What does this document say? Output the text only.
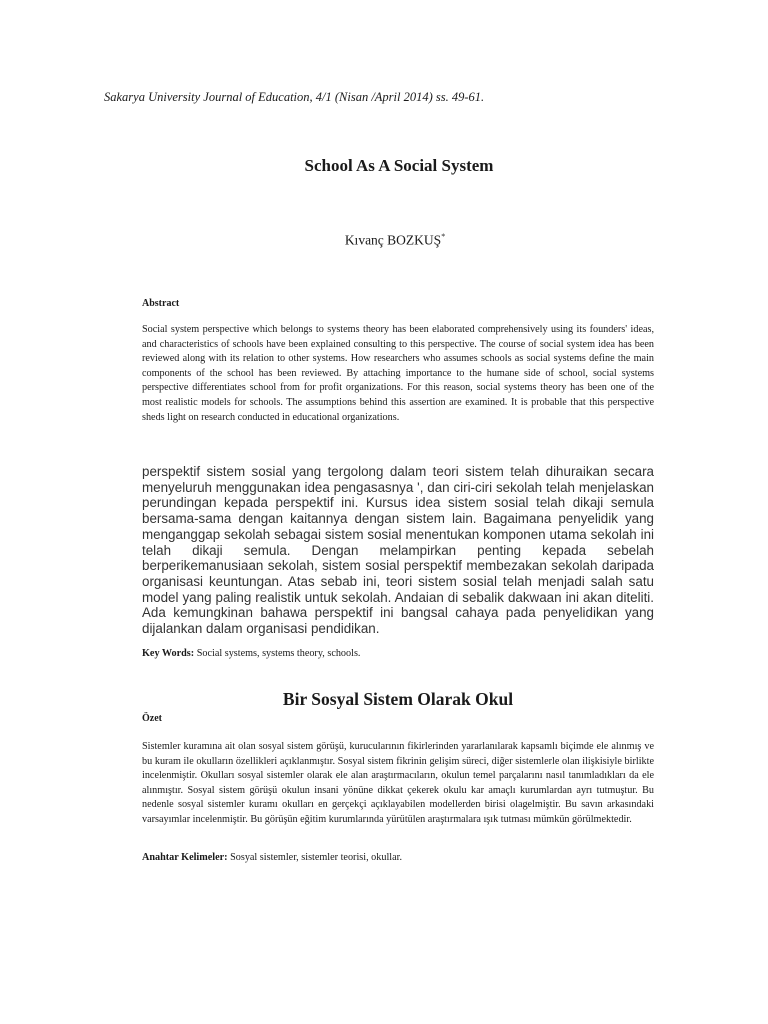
Sakarya University Journal of Education, 4/1 (Nisan /April 2014) ss. 49-61.
School As A Social System
Kıvanç BOZKUŞ*
Abstract
Social system perspective which belongs to systems theory has been elaborated comprehensively using its founders' ideas, and characteristics of schools have been explained consulting to this perspective. The course of social system idea has been reviewed along with its relation to other systems. How researchers who assumes schools as social systems define the main components of the school has been reviewed. By attaching importance to the humane side of school, social systems perspective differentiates school from for profit organizations. For this reason, social systems theory has been one of the most realistic models for schools. The assumptions behind this assertion are examined. It is probable that this perspective sheds light on research conducted in educational organizations.
perspektif sistem sosial yang tergolong dalam teori sistem telah dihuraikan secara menyeluruh menggunakan idea pengasasnya ', dan ciri-ciri sekolah telah menjelaskan perundingan kepada perspektif ini. Kursus idea sistem sosial telah dikaji semula bersama-sama dengan kaitannya dengan sistem lain. Bagaimana penyelidik yang menganggap sekolah sebagai sistem sosial menentukan komponen utama sekolah ini telah dikaji semula. Dengan melampirkan penting kepada sebelah berperikemanusiaan sekolah, sistem sosial perspektif membezakan sekolah daripada organisasi keuntungan. Atas sebab ini, teori sistem sosial telah menjadi salah satu model yang paling realistik untuk sekolah. Andaian di sebalik dakwaan ini akan diteliti. Ada kemungkinan bahawa perspektif ini bangsal cahaya pada penyelidikan yang dijalankan dalam organisasi pendidikan.
Key Words: Social systems, systems theory, schools.
Bir Sosyal Sistem Olarak Okul
Özet
Sistemler kuramına ait olan sosyal sistem görüşü, kurucularının fikirlerinden yararlanılarak kapsamlı biçimde ele alınmış ve bu kuram ile okulların özellikleri açıklanmıştır. Sosyal sistem fikrinin gelişim süreci, diğer sistemlerle olan ilişkisiyle birlikte incelenmiştir. Okulları sosyal sistemler olarak ele alan araştırmacıların, okulun temel parçalarını nasıl tanımladıkları da ele alınmıştır. Sosyal sistem görüşü okulun insani yönüne dikkat çekerek okulu kar amaçlı kurumlardan ayrı tutmuştur. Bu nedenle sosyal sistemler kuramı okulları en gerçekçi açıklayabilen modellerden birisi olagelmiştir. Bu savın arkasındaki varsayımlar incelenmiştir. Bu görüşün eğitim kurumlarında yürütülen araştırmalara ışık tutması mümkün görülmektedir.
Anahtar Kelimeler: Sosyal sistemler, sistemler teorisi, okullar.
